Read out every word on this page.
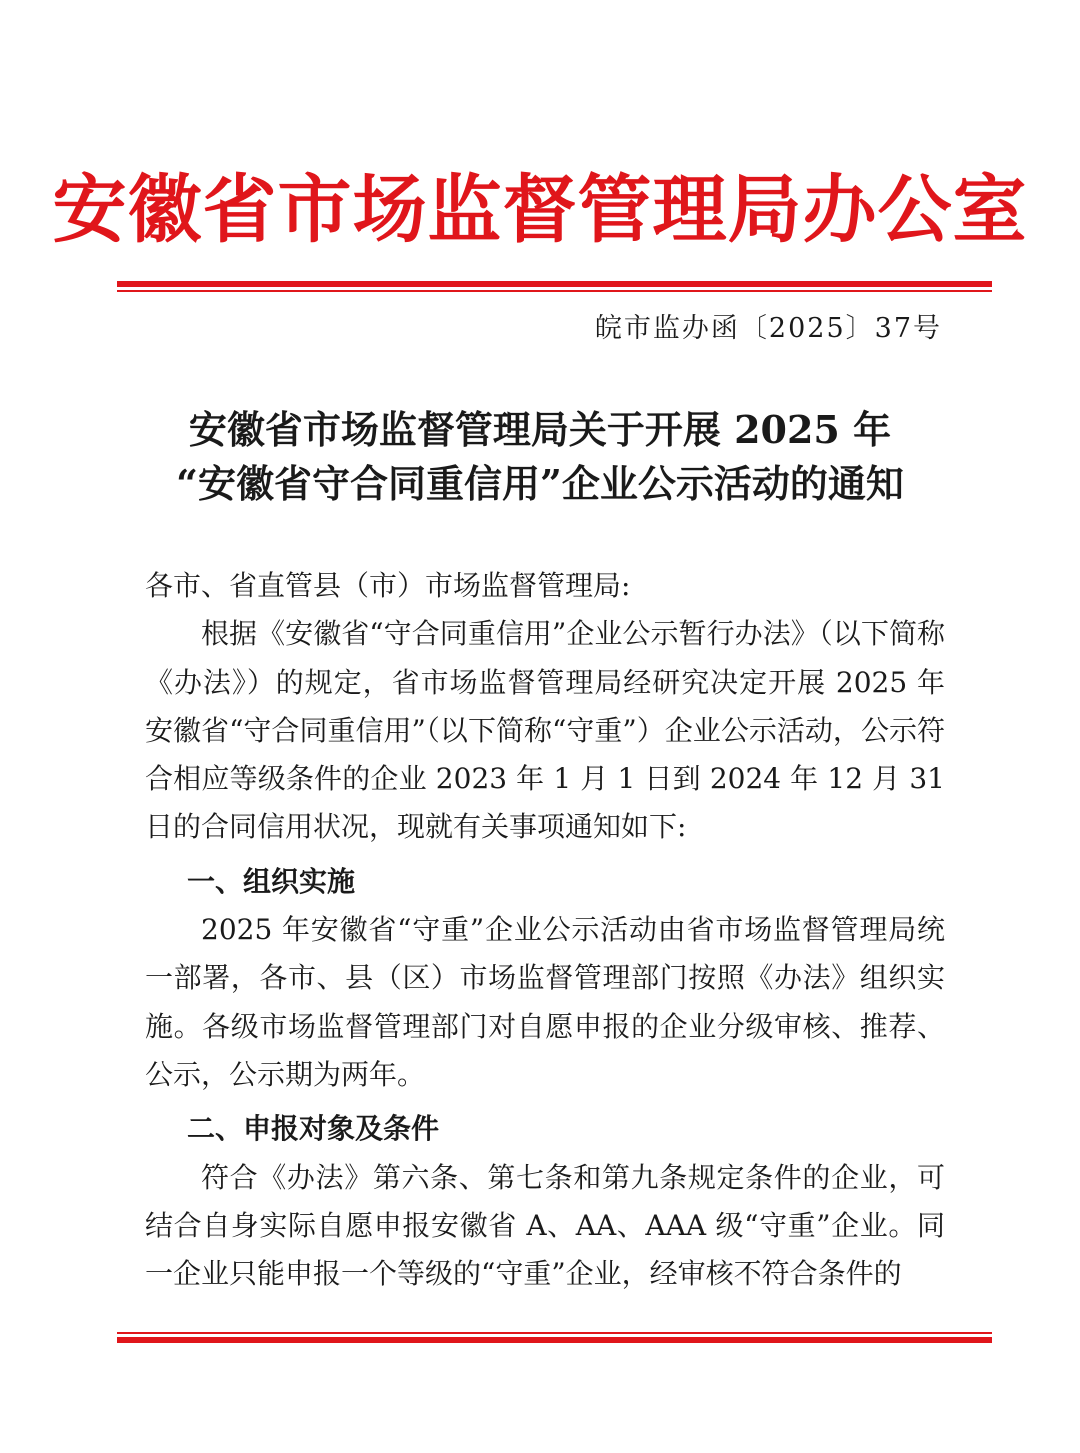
安徽省市场监督管理局办公室
皖市监办函〔2025〕37号
安徽省市场监督管理局关于开展 2025 年
“安徽省守合同重信用”企业公示活动的通知

各市、省直管县（市）市场监督管理局:

根据《安徽省“守合同重信用”企业公示暂行办法》（以下简称《办法》）的规定，省市场监督管理局经研究决定开展 2025 年安徽省“守合同重信用”（以下简称“守重”）企业公示活动，公示符合相应等级条件的企业 2023 年 1 月 1 日到 2024 年 12 月 31 日的合同信用状况，现就有关事项通知如下:

一、组织实施

2025 年安徽省“守重”企业公示活动由省市场监督管理局统一部署，各市、县（区）市场监督管理部门按照《办法》组织实施。各级市场监督管理部门对自愿申报的企业分级审核、推荐、公示，公示期为两年。

二、申报对象及条件

符合《办法》第六条、第七条和第九条规定条件的企业，可结合自身实际自愿申报安徽省 A、AA、AAA 级“守重”企业。同一企业只能申报一个等级的“守重”企业，经审核不符合条件的
